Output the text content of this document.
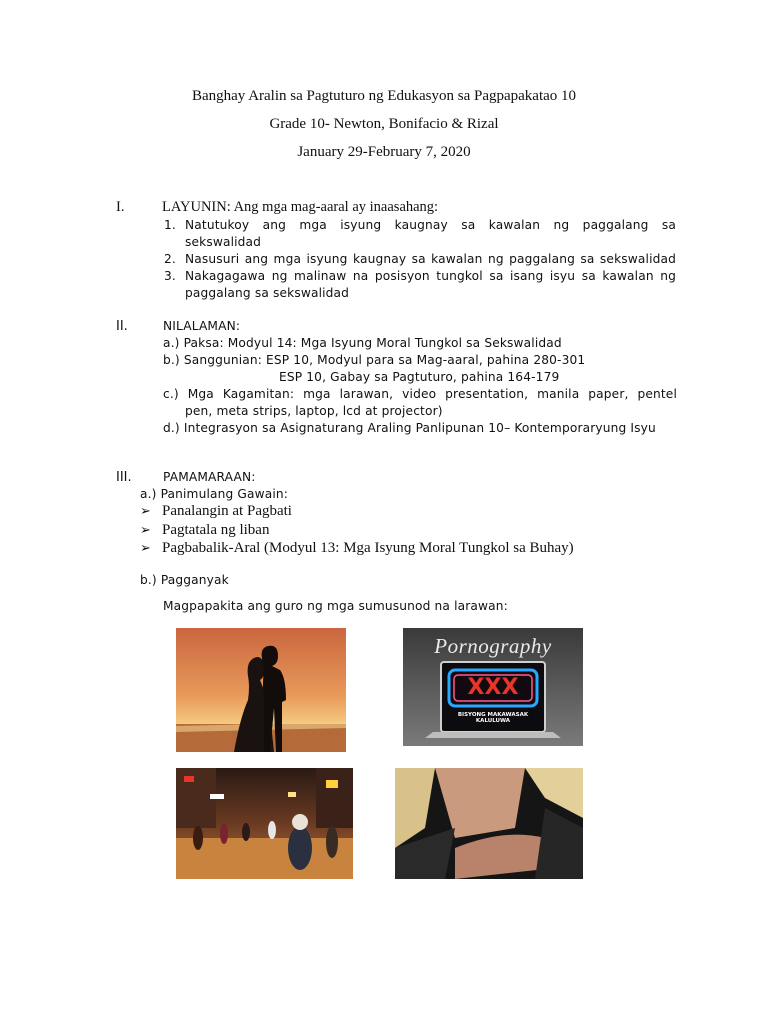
Banghay Aralin sa Pagtuturo ng Edukasyon sa Pagpapakatao 10
Grade 10- Newton, Bonifacio & Rizal
January 29-February 7, 2020
I.	LAYUNIN: Ang mga mag-aaral ay inaasahang:
1. Natutukoy ang mga isyung kaugnay sa kawalan ng paggalang sa
sekswalidad
2. Nasusuri ang mga isyung kaugnay sa kawalan ng paggalang sa sekswalidad
3. Nakagagawa ng malinaw na posisyon tungkol sa isang isyu sa kawalan ng
paggalang sa sekswalidad
II.	NILALAMAN:
a.) Paksa: Modyul 14: Mga Isyung Moral Tungkol sa Sekswalidad
b.) Sanggunian: ESP 10, Modyul para sa Mag-aaral, pahina 280-301
ESP 10, Gabay sa Pagtuturo, pahina 164-179
c.) Mga Kagamitan: mga larawan, video presentation, manila paper, pentel
pen, meta strips, laptop, lcd at projector)
d.) Integrasyon sa Asignaturang Araling Panlipunan 10– Kontemporaryung Isyu
III.	PAMAMARAAN:
a.) Panimulang Gawain:
➢ Panalangin at Pagbati
➢ Pagtatala ng liban
➢ Pagbabalik-Aral (Modyul 13: Mga Isyung Moral Tungkol sa Buhay)
b.) Pagganyak
Magpapakita ang guro ng mga sumusunod na larawan:
Pornography
XXX
BISYONG MAKAWASAK KALULUWA
